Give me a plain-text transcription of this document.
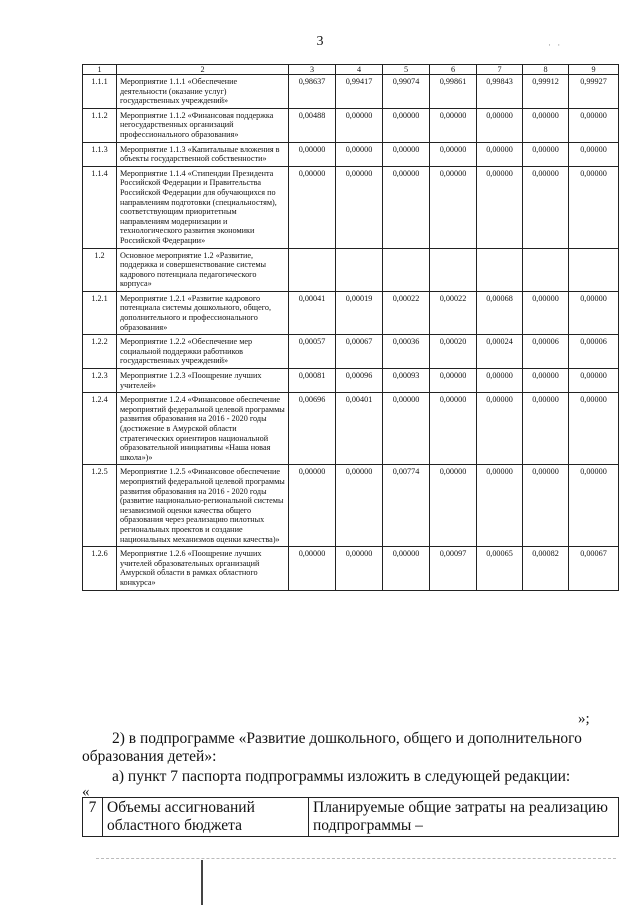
3	· ·
1	2	3	4	5	6	7	8	9
1.1.1	Мероприятие 1.1.1 «Обеспечение деятельности (оказание услуг) государственных учреждений»	0,98637	0,99417	0,99074	0,99861	0,99843	0,99912	0,99927
1.1.2	Мероприятие 1.1.2 «Финансовая поддержка негосударственных организаций профессионального образования»	0,00488	0,00000	0,00000	0,00000	0,00000	0,00000	0,00000
1.1.3	Мероприятие 1.1.3 «Капитальные вложения в объекты государственной собственности»	0,00000	0,00000	0,00000	0,00000	0,00000	0,00000	0,00000
1.1.4	Мероприятие 1.1.4 «Стипендии Президента Российской Федерации и Правительства Российской Федерации для обучающихся по направлениям подготовки (специальностям), соответствующим приоритетным направлениям модернизации и технологического развития экономики Российской Федерации»	0,00000	0,00000	0,00000	0,00000	0,00000	0,00000	0,00000
1.2	Основное мероприятие 1.2 «Развитие, поддержка и совершенствование системы кадрового потенциала педагогического корпуса»							
1.2.1	Мероприятие 1.2.1 «Развитие кадрового потенциала системы дошкольного, общего, дополнительного и профессионального образования»	0,00041	0,00019	0,00022	0,00022	0,00068	0,00000	0,00000
1.2.2	Мероприятие 1.2.2 «Обеспечение мер социальной поддержки работников государственных учреждений»	0,00057	0,00067	0,00036	0,00020	0,00024	0,00006	0,00006
1.2.3	Мероприятие 1.2.3 «Поощрение лучших учителей»	0,00081	0,00096	0,00093	0,00000	0,00000	0,00000	0,00000
1.2.4	Мероприятие 1.2.4 «Финансовое обеспечение мероприятий федеральной целевой программы развития образования на 2016 - 2020 годы (достижение в Амурской области стратегических ориентиров национальной образовательной инициативы «Наша новая школа»)»	0,00696	0,00401	0,00000	0,00000	0,00000	0,00000	0,00000
1.2.5	Мероприятие 1.2.5 «Финансовое обеспечение мероприятий федеральной целевой программы развития образования на 2016 - 2020 годы (развитие национально-региональной системы независимой оценки качества общего образования через реализацию пилотных региональных проектов и создание национальных механизмов оценки качества)»	0,00000	0,00000	0,00774	0,00000	0,00000	0,00000	0,00000
1.2.6	Мероприятие 1.2.6 «Поощрение лучших учителей образовательных организаций Амурской области в рамках областного конкурса»	0,00000	0,00000	0,00000	0,00097	0,00065	0,00082	0,00067
»;
2) в подпрограмме «Развитие дошкольного, общего и дополнительного
образования детей»:
а) пункт 7 паспорта подпрограммы изложить в следующей редакции:
«
7	Объемы ассигнований областного бюджета	Планируемые общие затраты на реализацию подпрограммы –
